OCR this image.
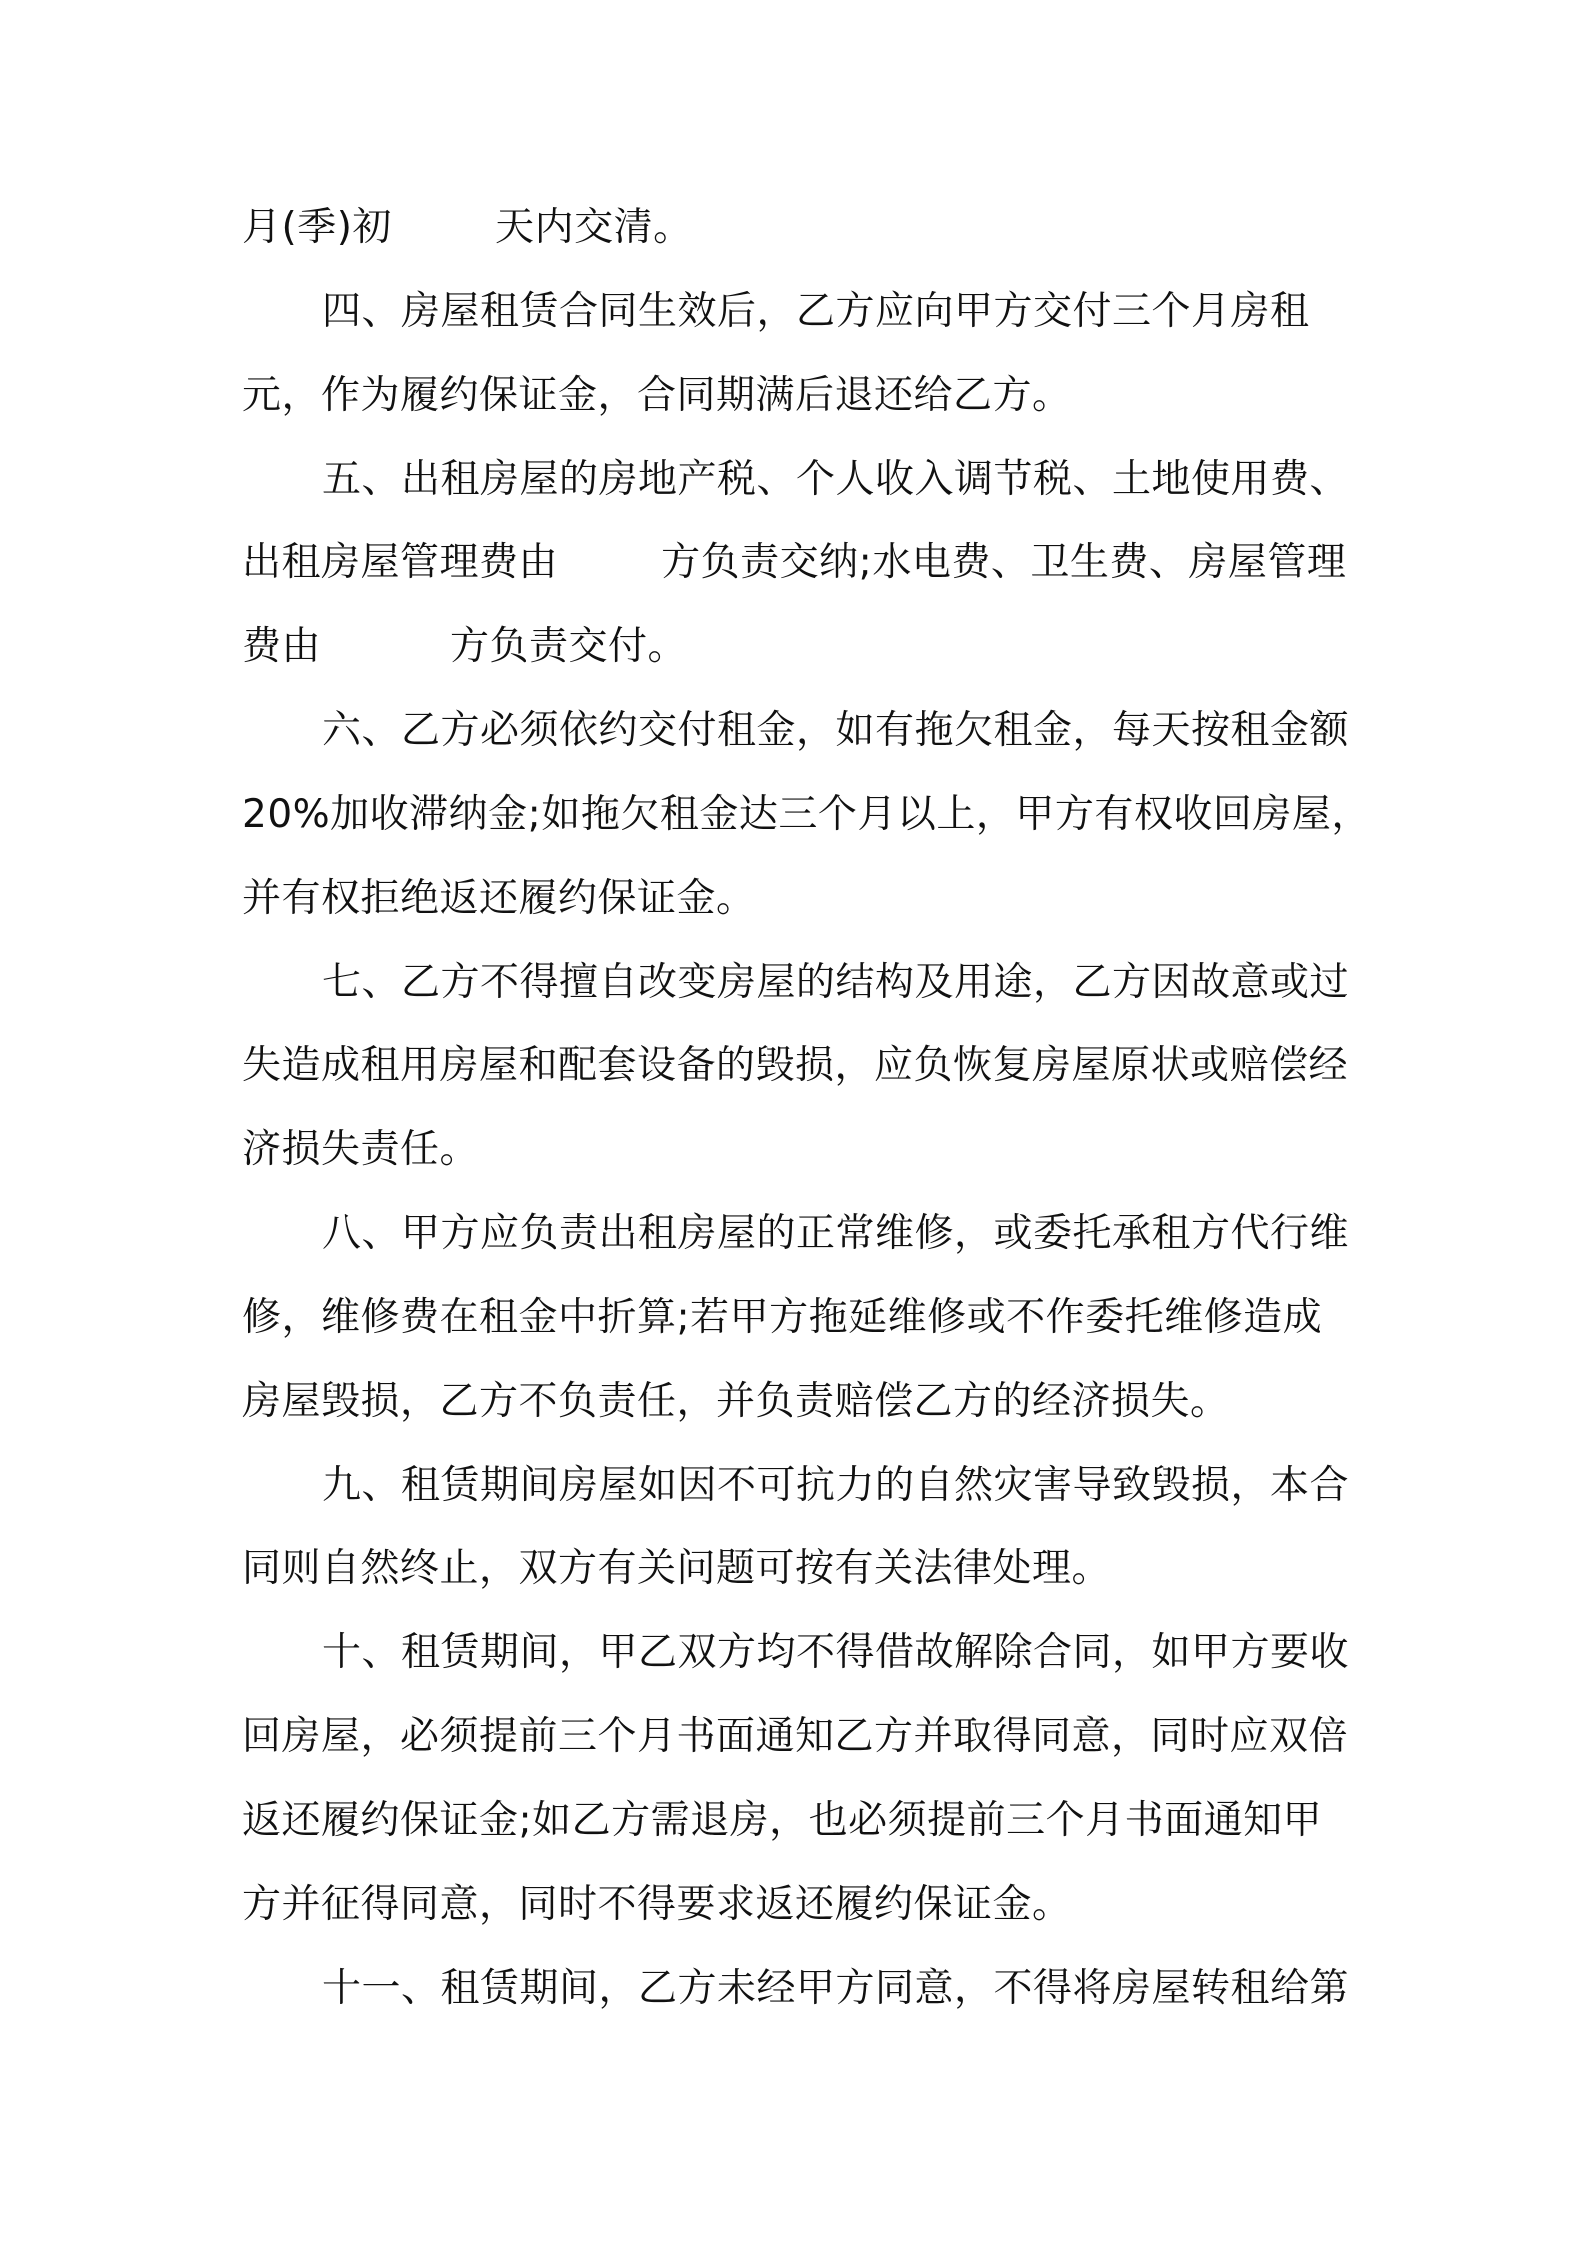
月(季)初        天内交清。
四、房屋租赁合同生效后，乙方应向甲方交付三个月房租
元，作为履约保证金，合同期满后退还给乙方。
五、出租房屋的房地产税、个人收入调节税、土地使用费、
出租房屋管理费由        方负责交纳;水电费、卫生费、房屋管理
费由          方负责交付。
六、乙方必须依约交付租金，如有拖欠租金，每天按租金额
20%加收滞纳金;如拖欠租金达三个月以上，甲方有权收回房屋，
并有权拒绝返还履约保证金。
七、乙方不得擅自改变房屋的结构及用途，乙方因故意或过
失造成租用房屋和配套设备的毁损，应负恢复房屋原状或赔偿经
济损失责任。
八、甲方应负责出租房屋的正常维修，或委托承租方代行维
修，维修费在租金中折算;若甲方拖延维修或不作委托维修造成
房屋毁损，乙方不负责任，并负责赔偿乙方的经济损失。
九、租赁期间房屋如因不可抗力的自然灾害导致毁损，本合
同则自然终止，双方有关问题可按有关法律处理。
十、租赁期间，甲乙双方均不得借故解除合同，如甲方要收
回房屋，必须提前三个月书面通知乙方并取得同意，同时应双倍
返还履约保证金;如乙方需退房，也必须提前三个月书面通知甲
方并征得同意，同时不得要求返还履约保证金。
十一、租赁期间，乙方未经甲方同意，不得将房屋转租给第
